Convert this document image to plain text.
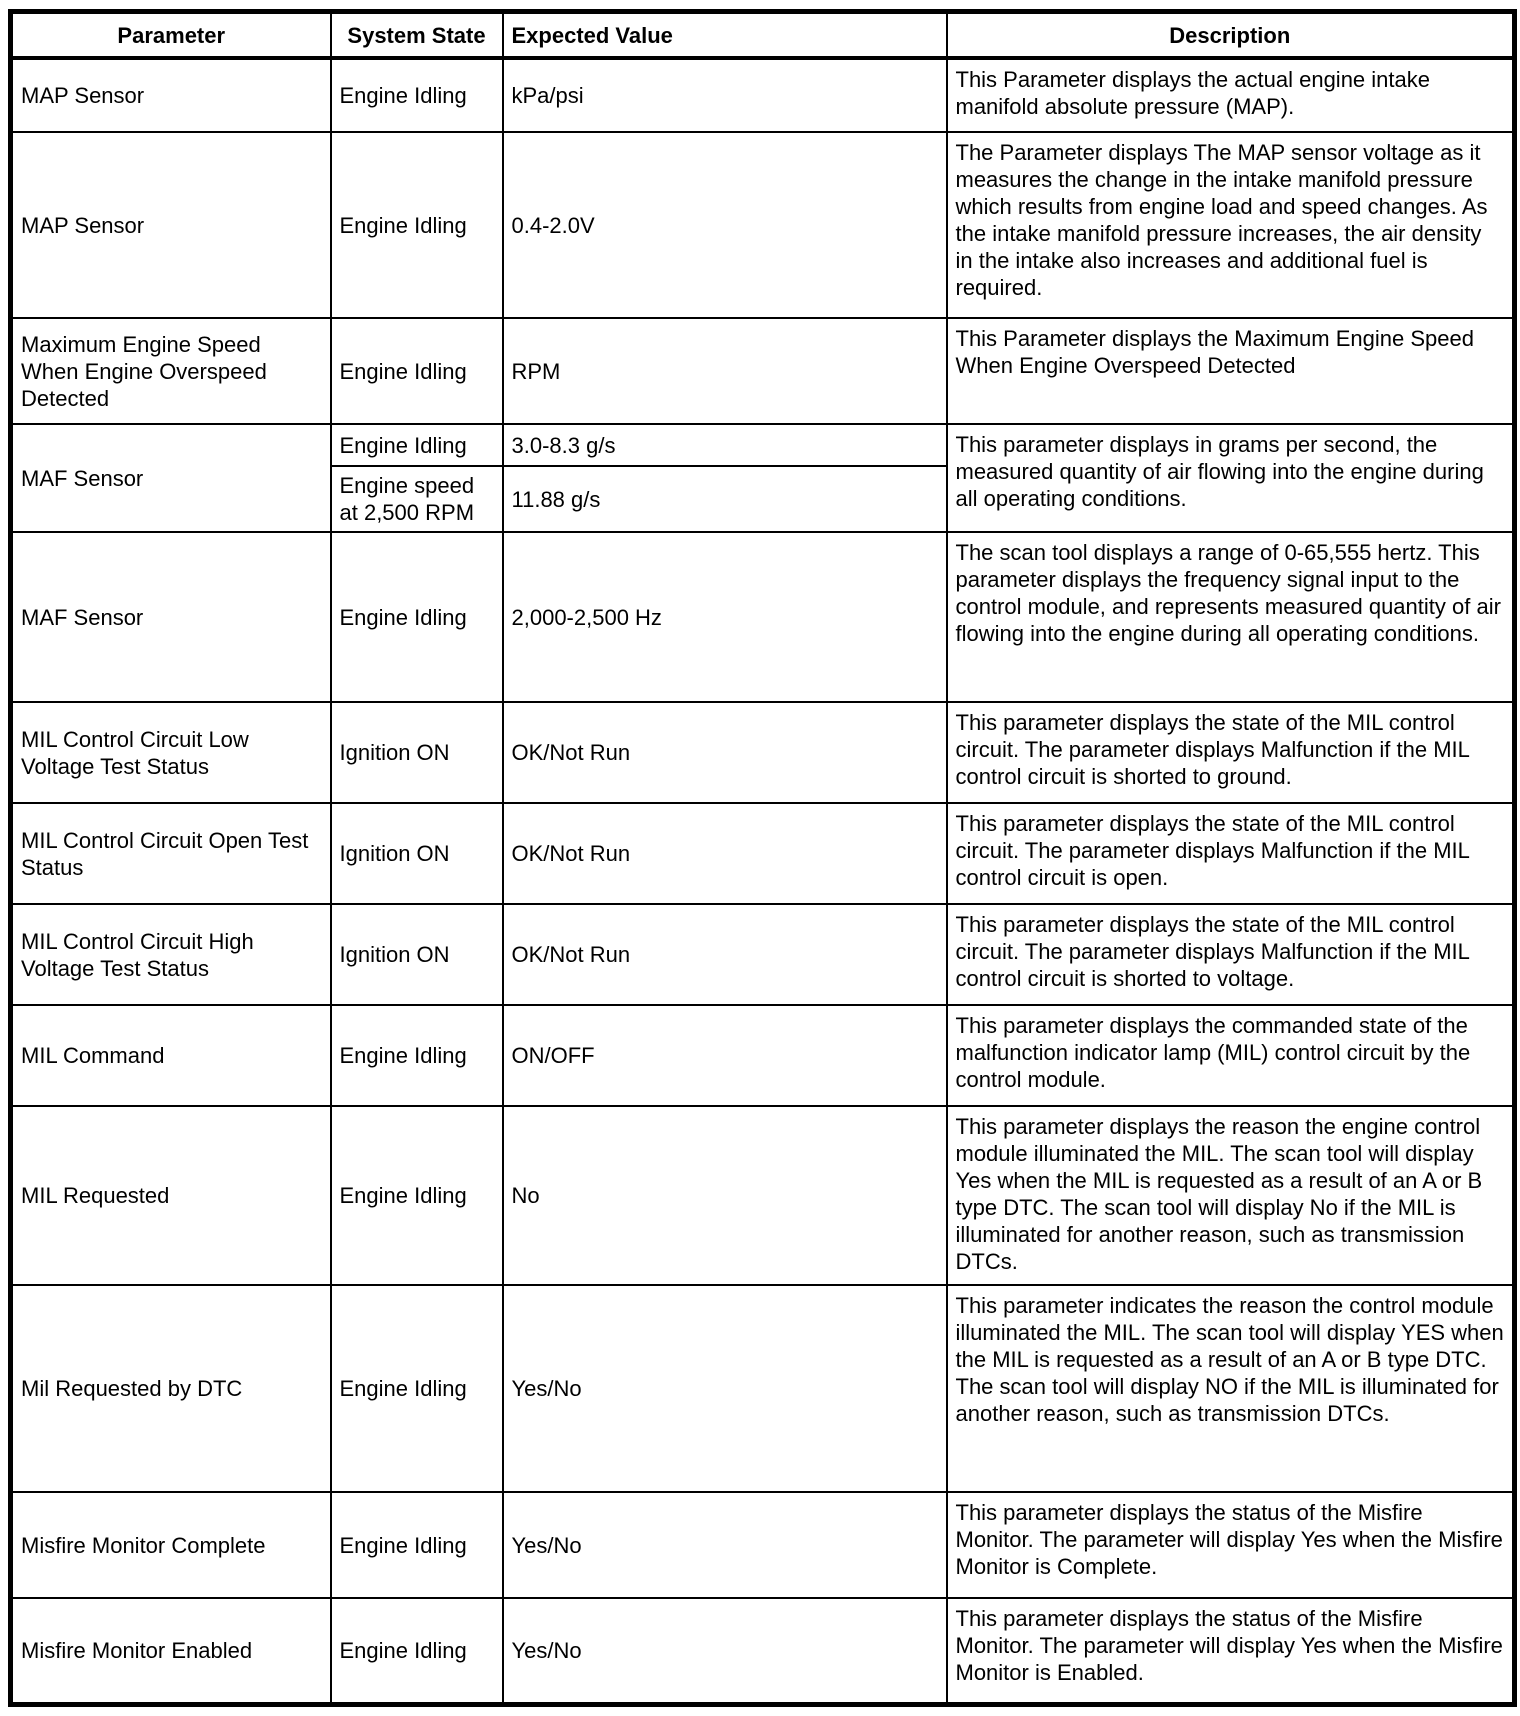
Parameter	System State	Expected Value	Description
MAP Sensor	Engine Idling	kPa/psi	This Parameter displays the actual engine intake manifold absolute pressure (MAP).
MAP Sensor	Engine Idling	0.4-2.0V	The Parameter displays The MAP sensor voltage as it measures the change in the intake manifold pressure which results from engine load and speed changes. As the intake manifold pressure increases, the air density in the intake also increases and additional fuel is required.
Maximum Engine Speed When Engine Overspeed Detected	Engine Idling	RPM	This Parameter displays the Maximum Engine Speed When Engine Overspeed Detected
MAF Sensor	Engine Idling	3.0-8.3 g/s	This parameter displays in grams per second, the measured quantity of air flowing into the engine during all operating conditions.
	Engine speed at 2,500 RPM	11.88 g/s	
MAF Sensor	Engine Idling	2,000-2,500 Hz	The scan tool displays a range of 0-65,555 hertz. This parameter displays the frequency signal input to the control module, and represents measured quantity of air flowing into the engine during all operating conditions.
MIL Control Circuit Low Voltage Test Status	Ignition ON	OK/Not Run	This parameter displays the state of the MIL control circuit. The parameter displays Malfunction if the MIL control circuit is shorted to ground.
MIL Control Circuit Open Test Status	Ignition ON	OK/Not Run	This parameter displays the state of the MIL control circuit. The parameter displays Malfunction if the MIL control circuit is open.
MIL Control Circuit High Voltage Test Status	Ignition ON	OK/Not Run	This parameter displays the state of the MIL control circuit. The parameter displays Malfunction if the MIL control circuit is shorted to voltage.
MIL Command	Engine Idling	ON/OFF	This parameter displays the commanded state of the malfunction indicator lamp (MIL) control circuit by the control module.
MIL Requested	Engine Idling	No	This parameter displays the reason the engine control module illuminated the MIL. The scan tool will display Yes when the MIL is requested as a result of an A or B type DTC. The scan tool will display No if the MIL is illuminated for another reason, such as transmission DTCs.
Mil Requested by DTC	Engine Idling	Yes/No	This parameter indicates the reason the control module illuminated the MIL. The scan tool will display YES when the MIL is requested as a result of an A or B type DTC. The scan tool will display NO if the MIL is illuminated for another reason, such as transmission DTCs.
Misfire Monitor Complete	Engine Idling	Yes/No	This parameter displays the status of the Misfire Monitor. The parameter will display Yes when the Misfire Monitor is Complete.
Misfire Monitor Enabled	Engine Idling	Yes/No	This parameter displays the status of the Misfire Monitor. The parameter will display Yes when the Misfire Monitor is Enabled.
